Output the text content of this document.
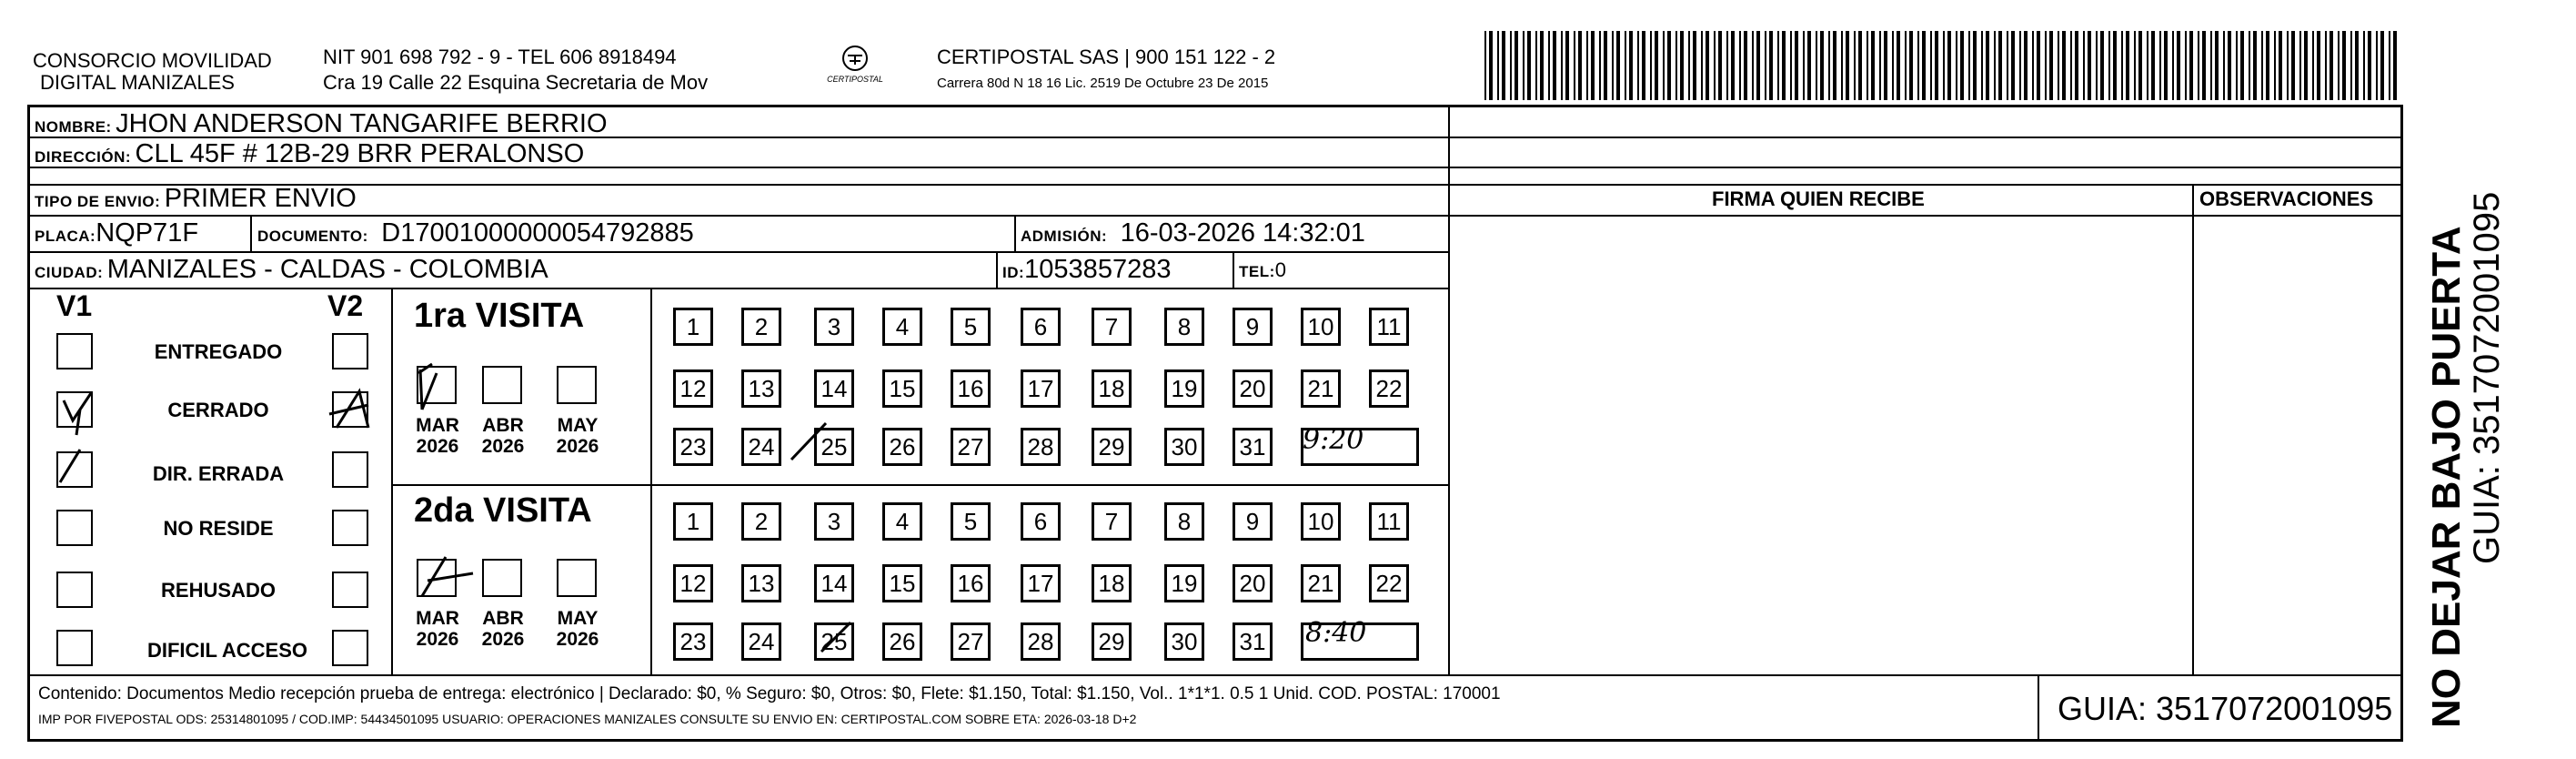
CONSORCIO MOVILIDAD
DIGITAL MANIZALES
NIT 901 698 792 - 9 - TEL 606 8918494
Cra 19 Calle 22 Esquina Secretaria de Mov	CERTIPOSTAL
CERTIPOSTAL SAS | 900 151 122 - 2
Carrera 80d N 18 16 Lic. 2519 De Octubre 23 De 2015
NOMBRE: JHON ANDERSON TANGARIFE BERRIO
DIRECCIÓN: CLL 45F # 12B-29 BRR PERALONSO
TIPO DE ENVIO: PRIMER ENVIO	FIRMA QUIEN RECIBE	OBSERVACIONES
PLACA:NQP71F	DOCUMENTO: D17001000000054792885	ADMISIÓN: 16-03-2026 14:32:01
CIUDAD: MANIZALES - CALDAS - COLOMBIA	ID:1053857283	TEL:0
V1	V2
ENTREGADO
CERRADO
DIR. ERRADA
NO RESIDE
REHUSADO
DIFICIL ACCESO
1ra VISITA
MAR
2026
ABR
2026
MAY
2026
1	2	3	4	5	6	7	8	9	10	11
12 13 14 15 16 17 18 19 20 21 22
23 24 25 26 27 28 29 30 31 9:20
2da VISITA
MAR
2026
ABR
2026
MAY
2026
1	2	3	4	5	6	7	8	9	10	11
12 13 14 15 16 17 18 19 20 21 22
23 24 25 26 27 28 29 30 31 8:40	NO DEJAR BAJO PUERTA
GUIA: 3517072001095
Contenido: Documentos Medio recepción prueba de entrega: electrónico | Declarado: $0, % Seguro: $0, Otros: $0, Flete: $1.150, Total: $1.150, Vol.. 1*1*1. 0.5 1 Unid. COD. POSTAL: 170001
IMP POR FIVEPOSTAL ODS: 25314801095 / COD.IMP: 54434501095 USUARIO: OPERACIONES MANIZALES CONSULTE SU ENVIO EN: CERTIPOSTAL.COM SOBRE ETA: 2026-03-18 D+2	GUIA: 3517072001095
